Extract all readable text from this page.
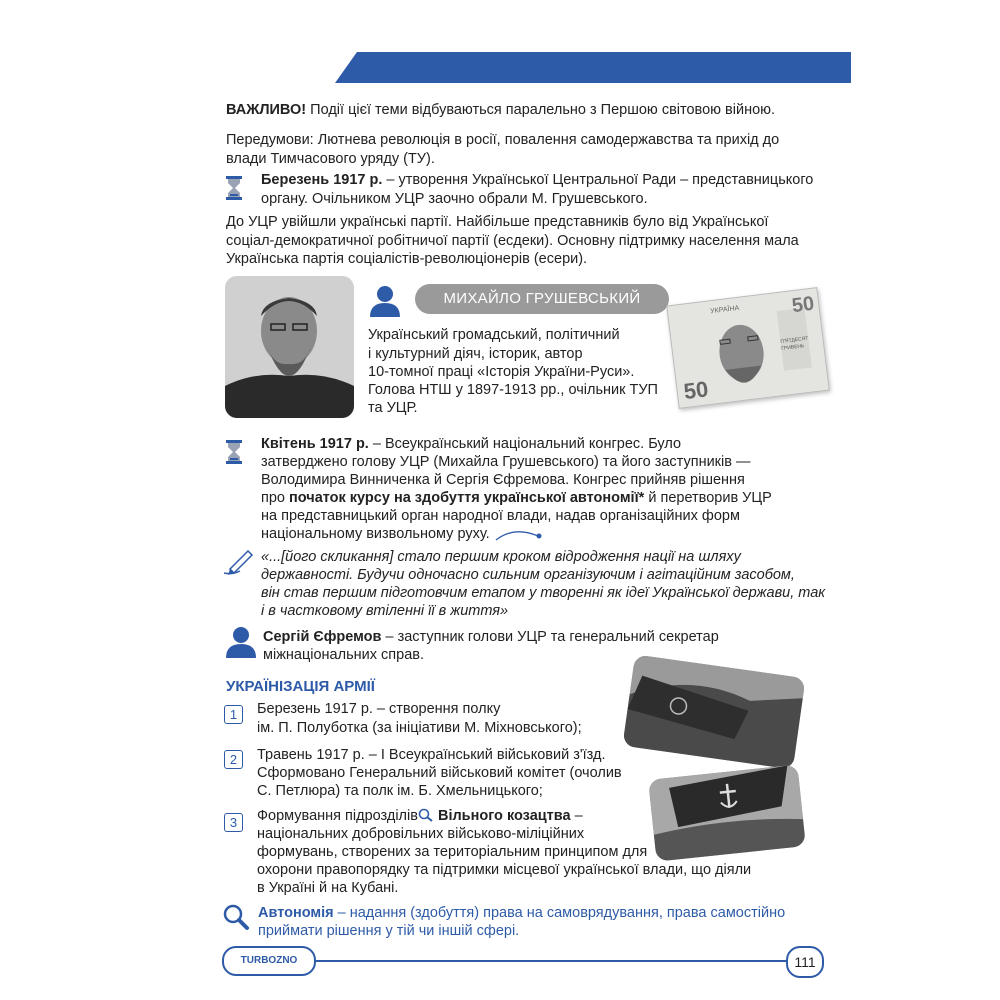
ТЕМА 21. ПОЧАТОК УКРАЇНСЬКОЇ РЕВОЛЮЦІЇ

ВАЖЛИВО! Події цієї теми відбуваються паралельно з Першою світовою війною.

Передумови: Лютнева революція в росії, повалення самодержавства та прихід до

влади Тимчасового уряду (ТУ).

Березень 1917 р. – утворення Української Центральної Ради – представницького

органу. Очільником УЦР заочно обрали М. Грушевського.

До УЦР увійшли українські партії. Найбільше представників було від Української

соціал-демократичної робітничої партії (есдеки). Основну підтримку населення мала

Українська партія соціалістів-революціонерів (есери).

МИХАЙЛО ГРУШЕВСЬКИЙ

Український громадський, політичний

і культурний діяч, історик, автор

10-томної праці «Історія України-Руси».

Голова НТШ у 1897-1913 рр., очільник ТУП

та УЦР.

50
50
УКРАЇНА
П'ЯТДЕСЯТ ГРИВЕНЬ

Квітень 1917 р. – Всеукраїнський національний конгрес. Було

затверджено голову УЦР (Михайла Грушевського) та його заступників —

Володимира Винниченка й Сергія Єфремова. Конгрес прийняв рішення

про початок курсу на здобуття української автономії* й перетворив УЦР

на представницький орган народної влади, надав організаційних форм

національному визвольному руху.

«...[його скликання] стало першим кроком відродження нації на шляху

державності. Будучи одночасно сильним організуючим і агітаційним засобом,

він став першим підготовчим етапом у творенні як ідеї Української держави, так

і в частковому втіленні її в життя»

Сергій Єфремов – заступник голови УЦР та генеральний секретар

міжнаціональних справ.

УКРАЇНІЗАЦІЯ АРМІЇ

1	Березень 1917 р. – створення полку

ім. П. Полуботка (за ініціативи М. Міхновського);

2	Травень 1917 р. – І Всеукраїнський військовий з'їзд.

Сформовано Генеральний військовий комітет (очолив

С. Петлюра) та полк ім. Б. Хмельницького;

3	Формування підрозділів Вільного козацтва –

національних добровільних військово-міліційних

формувань, створених за територіальним принципом для

охорони правопорядку та підтримки місцевої української влади, що діяли

в Україні й на Кубані.

Автономія – надання (здобуття) права на самоврядування, права самостійно

приймати рішення у тій чи іншій сфері.

TURBOZNO	111
